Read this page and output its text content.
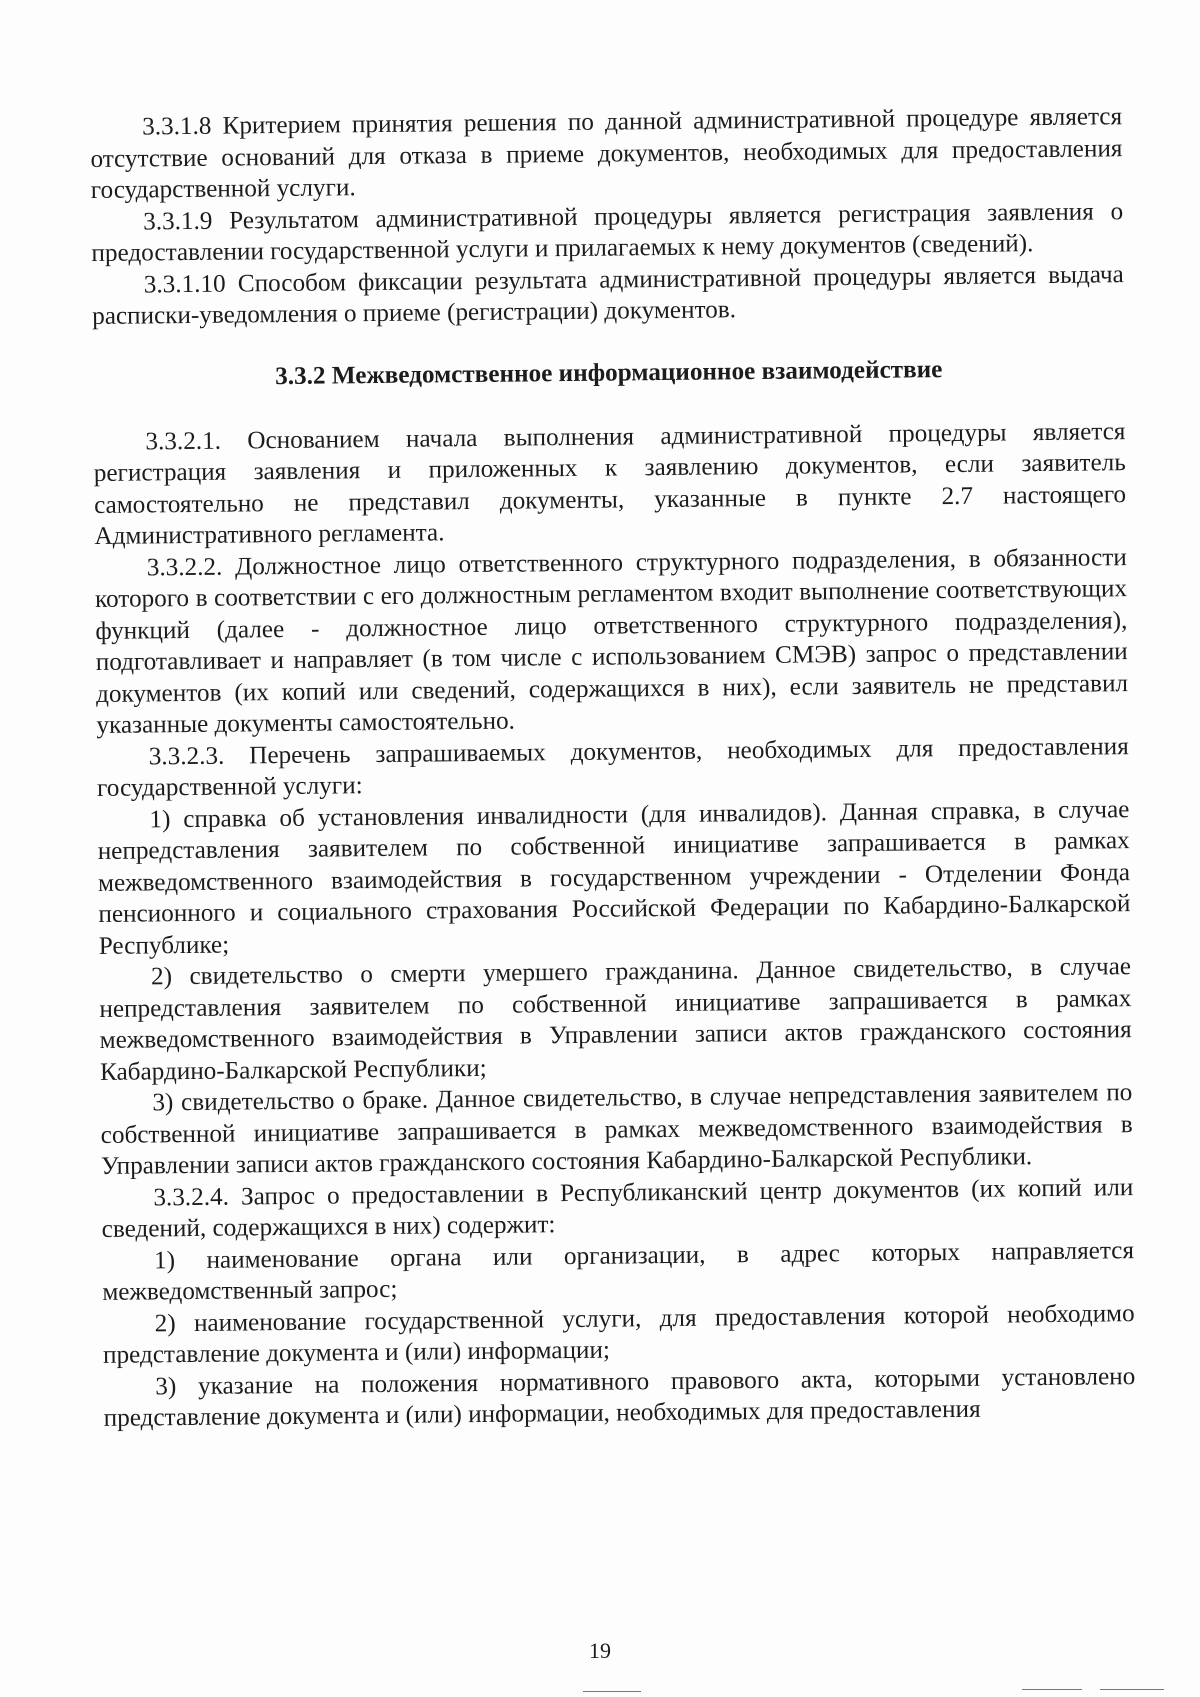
3.3.1.8 Критерием принятия решения по данной административной процедуре является отсутствие оснований для отказа в приеме документов, необходимых для предоставления государственной услуги.

3.3.1.9 Результатом административной процедуры является регистрация заявления о предоставлении государственной услуги и прилагаемых к нему документов (сведений).

3.3.1.10 Способом фиксации результата административной процедуры является выдача расписки-уведомления о приеме (регистрации) документов.

3.3.2 Межведомственное информационное взаимодействие

3.3.2.1. Основанием начала выполнения административной процедуры является регистрация заявления и приложенных к заявлению документов, если заявитель самостоятельно не представил документы, указанные в пункте 2.7 настоящего Административного регламента.

3.3.2.2. Должностное лицо ответственного структурного подразделения, в обязанности которого в соответствии с его должностным регламентом входит выполнение соответствующих функций (далее - должностное лицо ответственного структурного подразделения), подготавливает и направляет (в том числе с использованием СМЭВ) запрос о представлении документов (их копий или сведений, содержащихся в них), если заявитель не представил указанные документы самостоятельно.

3.3.2.3. Перечень запрашиваемых документов, необходимых для предоставления государственной услуги:

1) справка об установления инвалидности (для инвалидов). Данная справка, в случае непредставления заявителем по собственной инициативе запрашивается в рамках межведомственного взаимодействия в государственном учреждении - Отделении Фонда пенсионного и социального страхования Российской Федерации по Кабардино-Балкарской Республике;

2) свидетельство о смерти умершего гражданина. Данное свидетельство, в случае непредставления заявителем по собственной инициативе запрашивается в рамках межведомственного взаимодействия в Управлении записи актов гражданского состояния Кабардино-Балкарской Республики;

3) свидетельство о браке. Данное свидетельство, в случае непредставления заявителем по собственной инициативе запрашивается в рамках межведомственного взаимодействия в Управлении записи актов гражданского состояния Кабардино-Балкарской Республики.

3.3.2.4. Запрос о предоставлении в Республиканский центр документов (их копий или сведений, содержащихся в них) содержит:

1) наименование органа или организации, в адрес которых направляется межведомственный запрос;

2) наименование государственной услуги, для предоставления которой необходимо представление документа и (или) информации;

3) указание на положения нормативного правового акта, которыми установлено представление документа и (или) информации, необходимых для предоставления

19
